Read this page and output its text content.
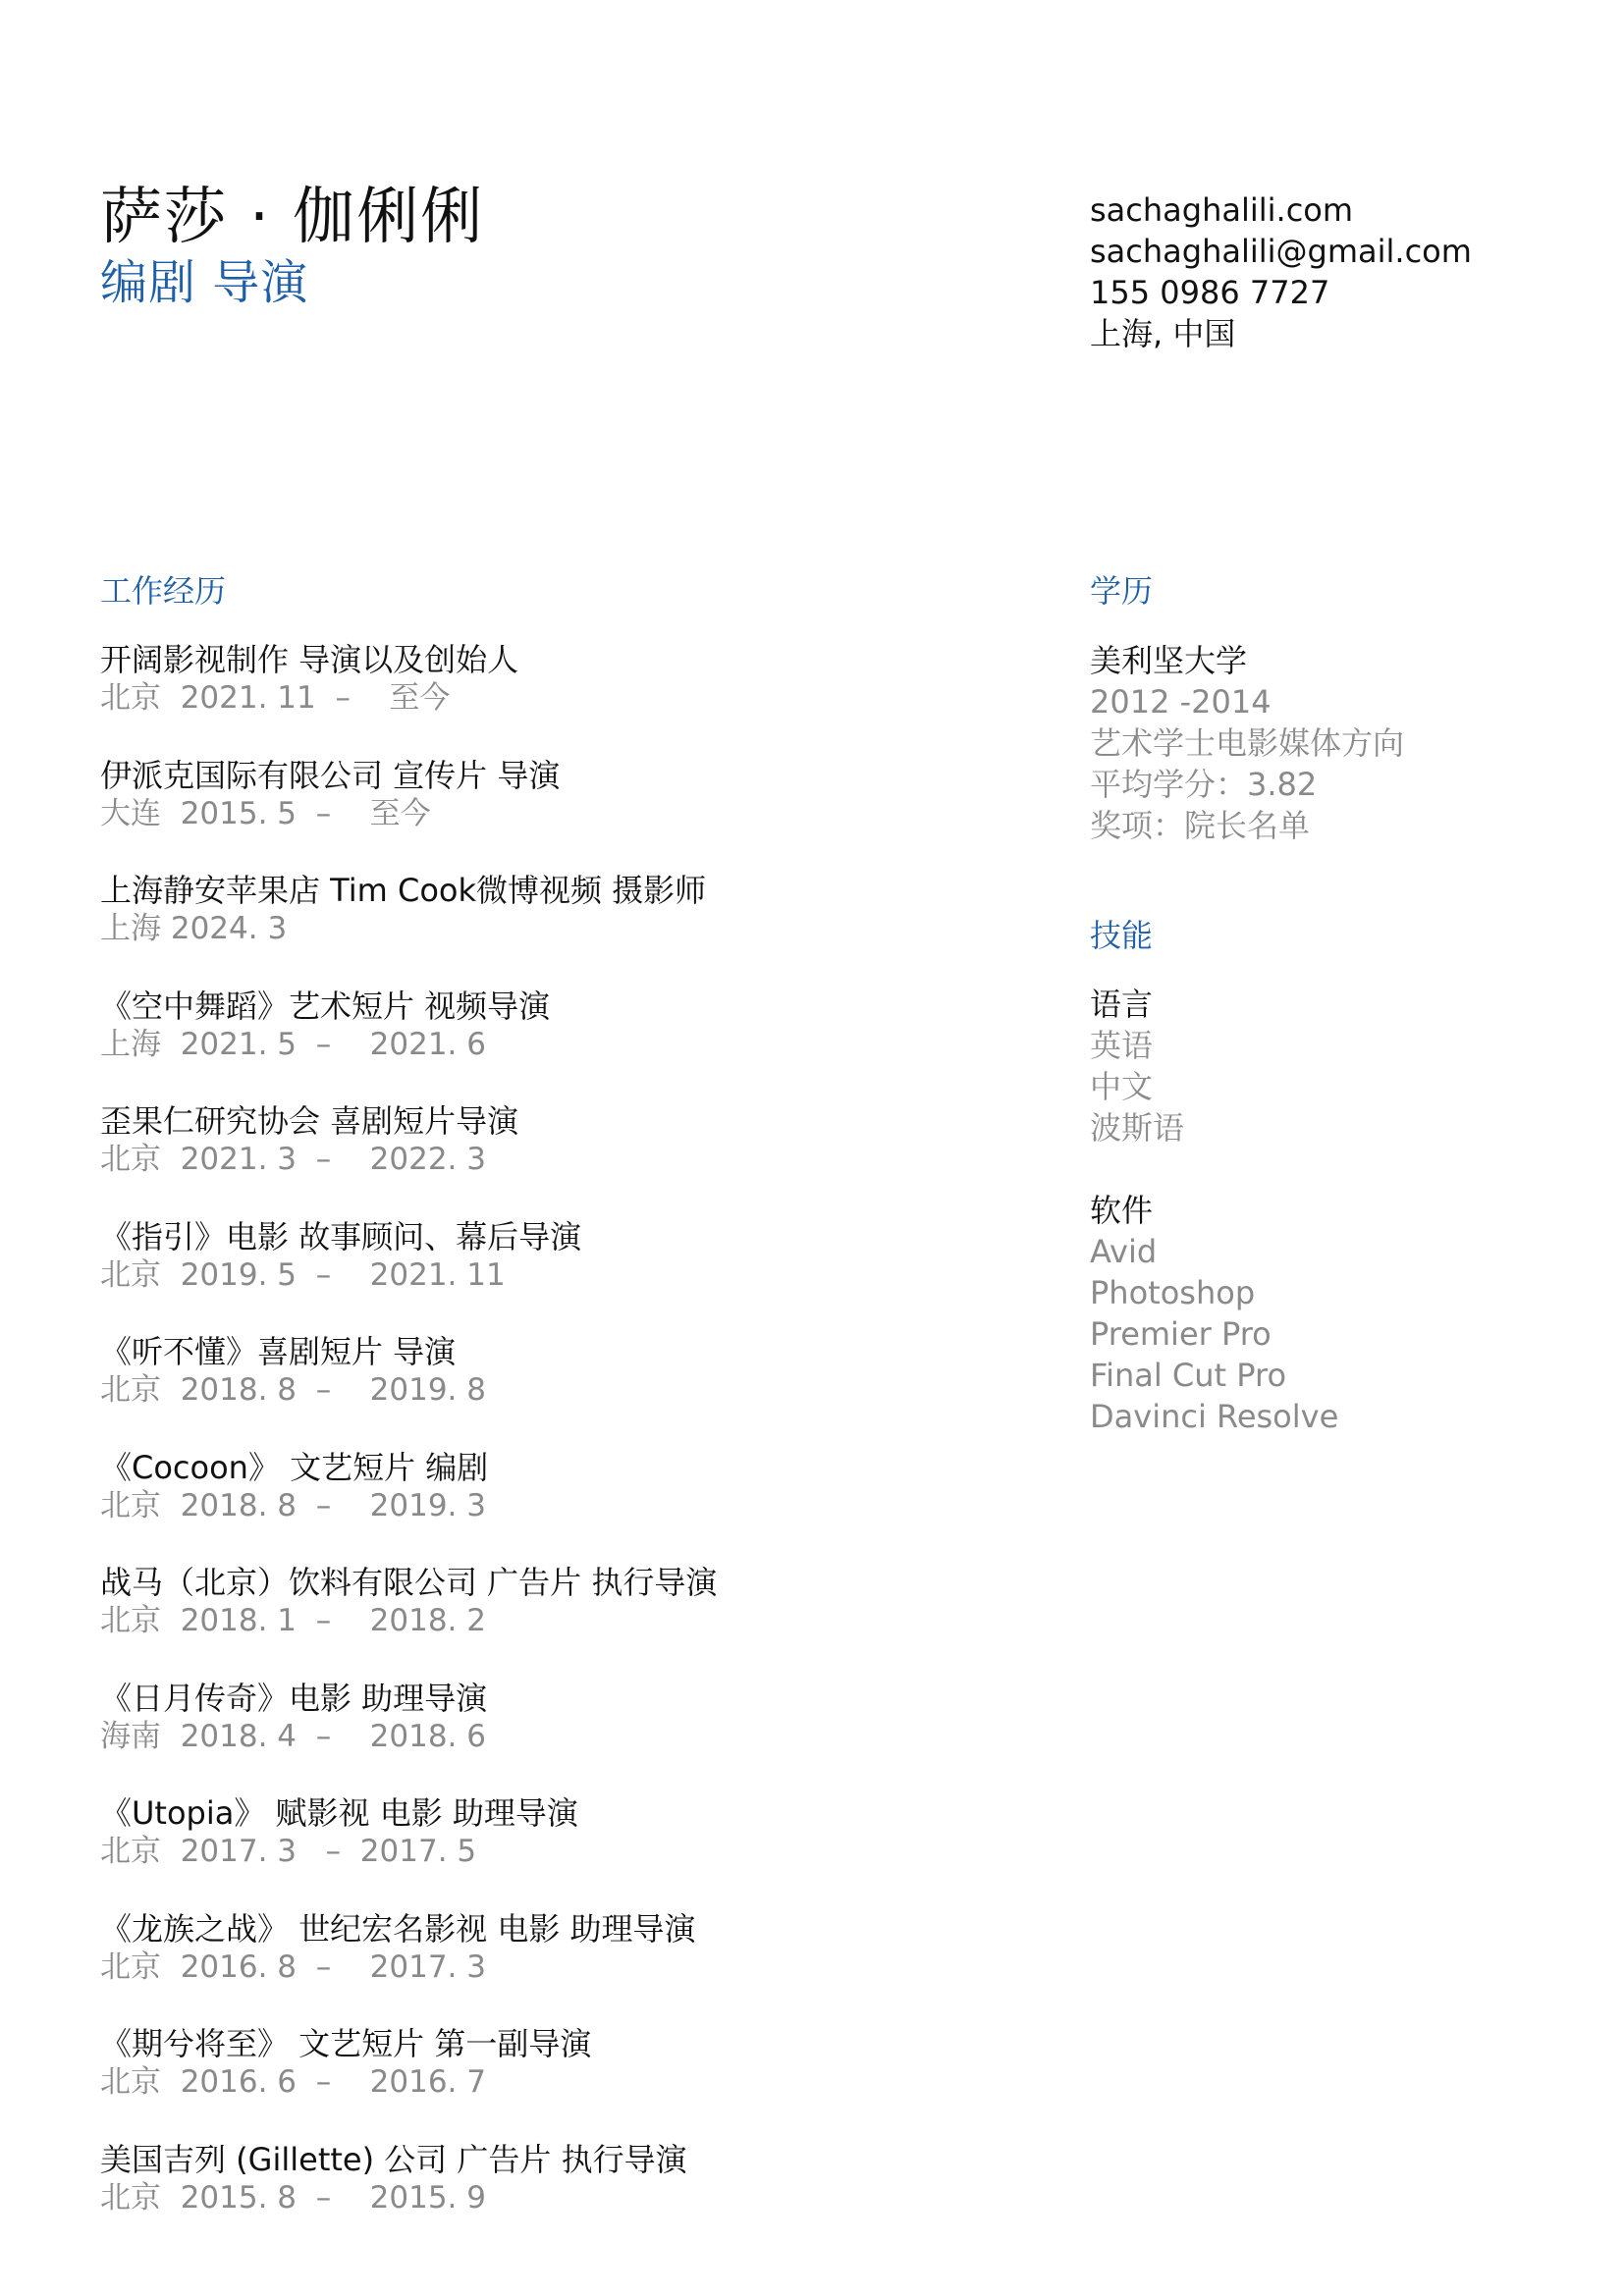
萨莎 · 伽俐俐
编剧 导演
sachaghalili.com
sachaghalili@gmail.com
155 0986 7727
上海, 中国
工作经历
开阔影视制作 导演以及创始人
北京  2021. 11  –    至今
伊派克国际有限公司 宣传片 导演
大连  2015. 5  –    至今
上海静安苹果店 Tim Cook微博视频 摄影师
上海 2024. 3
《空中舞蹈》艺术短片 视频导演
上海  2021. 5  –    2021. 6
歪果仁研究协会 喜剧短片导演
北京  2021. 3  –    2022. 3
《指引》电影 故事顾问、幕后导演
北京  2019. 5  –    2021. 11
《听不懂》喜剧短片 导演
北京  2018. 8  –    2019. 8
《Cocoon》 文艺短片 编剧
北京  2018. 8  –    2019. 3
战马（北京）饮料有限公司 广告片 执行导演
北京  2018. 1  –    2018. 2
《日月传奇》电影 助理导演
海南  2018. 4  –    2018. 6
《Utopia》 赋影视 电影 助理导演
北京  2017. 3   –  2017. 5
《龙族之战》 世纪宏名影视 电影 助理导演
北京  2016. 8  –    2017. 3
《期兮将至》 文艺短片 第一副导演
北京  2016. 6  –    2016. 7
美国吉列 (Gillette) 公司 广告片 执行导演
北京  2015. 8  –    2015. 9
学历
美利坚大学
2012 -2014
艺术学士电影媒体方向
平均学分：3.82
奖项：院长名单
技能
语言
英语
中文
波斯语
软件
Avid
Photoshop
Premier Pro
Final Cut Pro
Davinci Resolve
